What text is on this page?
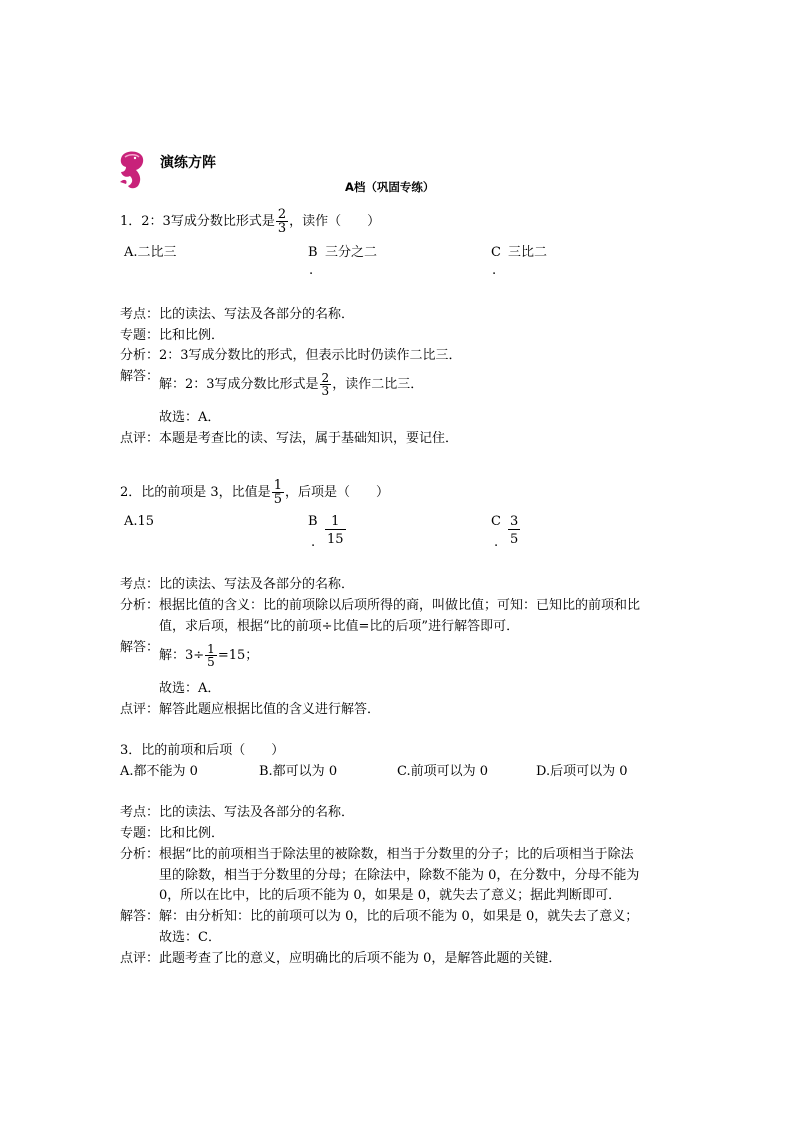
演练方阵
A档（巩固专练）
1．2：3写成分数比形式是 $\frac{2}{3}$ ，读作（　　）
A.二比三	B 三分之二
.
C 三比二
.
考点：比的读法、写法及各部分的名称．
专题：比和比例．
分析：2：3写成分数比的形式，但表示比时仍读作二比三．
解答：
解：2：3写成分数比形式是 $\frac{2}{3}$ ，读作二比三．
故选：A．
点评：本题是考查比的读、写法，属于基础知识，要记住．
2．比的前项是 3，比值是 $\frac{1}{5}$ ，后项是（　　）
A.15	B $\frac{1}{15}$
.
C $\frac{3}{5}$
.
考点：比的读法、写法及各部分的名称．
分析：根据比值的含义：比的前项除以后项所得的商，叫做比值；可知：已知比的前项和比
值，求后项，根据“比的前项÷比值=比的后项”进行解答即可．
解答：
解：$3\div \frac{1}{5} =15$；
故选：A．
点评：解答此题应根据比值的含义进行解答．
3．比的前项和后项（　　）
A.都不能为 0	B.都可以为 0	C.前项可以为 0	D.后项可以为 0
考点：比的读法、写法及各部分的名称．
专题：比和比例．
分析：根据“比的前项相当于除法里的被除数，相当于分数里的分子；比的后项相当于除法
里的除数，相当于分数里的分母；在除法中，除数不能为 0，在分数中，分母不能为
0，所以在比中，比的后项不能为 0，如果是 0，就失去了意义；据此判断即可．
解答：解：由分析知：比的前项可以为 0，比的后项不能为 0，如果是 0，就失去了意义；
故选：C．
点评：此题考查了比的意义，应明确比的后项不能为 0，是解答此题的关键．
